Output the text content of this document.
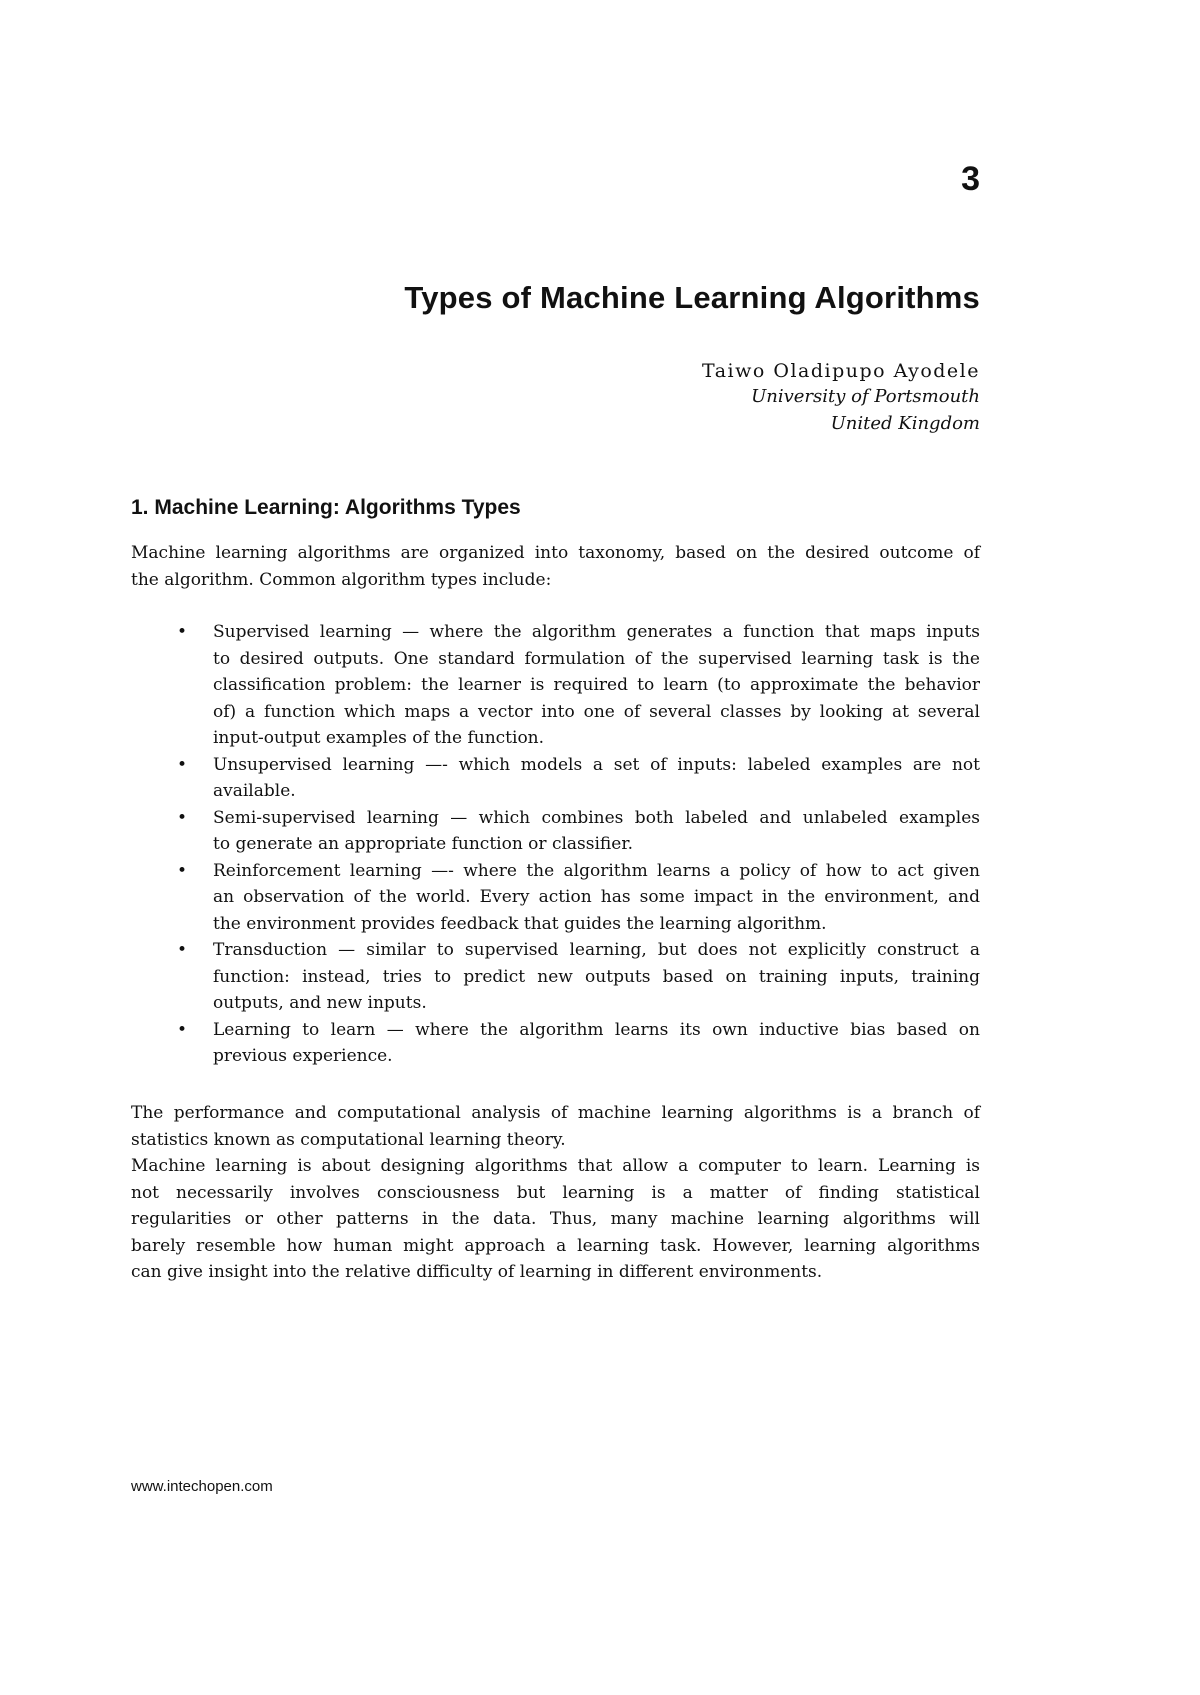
3
Types of Machine Learning Algorithms
Taiwo Oladipupo Ayodele
University of Portsmouth
United Kingdom
1. Machine Learning: Algorithms Types
Machine learning algorithms are organized into taxonomy, based on the desired outcome of
the algorithm. Common algorithm types include:
• Supervised learning — where the algorithm generates a function that maps inputs
to desired outputs. One standard formulation of the supervised learning task is the
classification problem: the learner is required to learn (to approximate the behavior
of) a function which maps a vector into one of several classes by looking at several
input-output examples of the function.
• Unsupervised learning —- which models a set of inputs: labeled examples are not
available.
• Semi-supervised learning — which combines both labeled and unlabeled examples
to generate an appropriate function or classifier.
• Reinforcement learning —- where the algorithm learns a policy of how to act given
an observation of the world. Every action has some impact in the environment, and
the environment provides feedback that guides the learning algorithm.
• Transduction — similar to supervised learning, but does not explicitly construct a
function: instead, tries to predict new outputs based on training inputs, training
outputs, and new inputs.
• Learning to learn — where the algorithm learns its own inductive bias based on
previous experience.
The performance and computational analysis of machine learning algorithms is a branch of
statistics known as computational learning theory.
Machine learning is about designing algorithms that allow a computer to learn. Learning is
not necessarily involves consciousness but learning is a matter of finding statistical
regularities or other patterns in the data. Thus, many machine learning algorithms will
barely resemble how human might approach a learning task. However, learning algorithms
can give insight into the relative difficulty of learning in different environments.
www.intechopen.com
